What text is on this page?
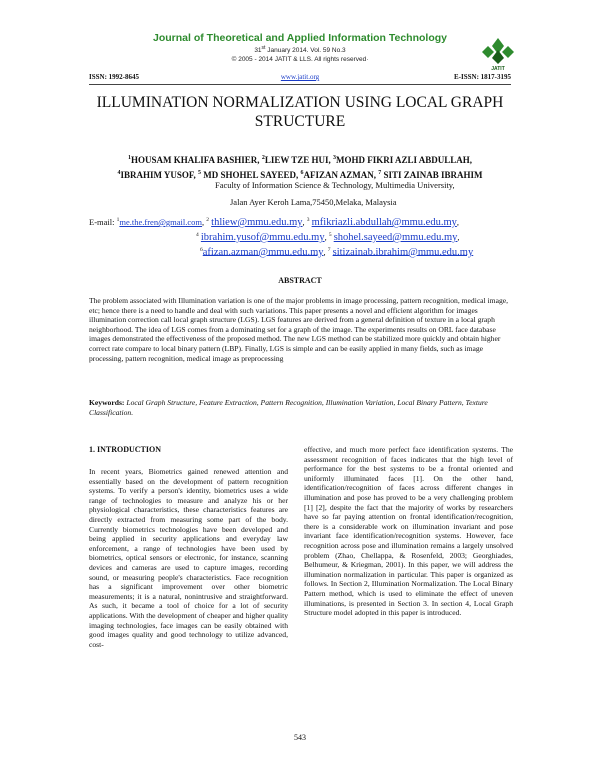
Journal of Theoretical and Applied Information Technology
31st January 2014. Vol. 59 No.3
© 2005 - 2014 JATIT & LLS. All rights reserved·
JATIT
ISSN: 1992-8645	www.jatit.org	E-ISSN: 1817-3195
ILLUMINATION NORMALIZATION USING LOCAL GRAPH STRUCTURE
$^1$HOUSAM KHALIFA BASHIER, $^2$LIEW TZE HUI, $^3$MOHD FIKRI AZLI ABDULLAH,
$^4$IBRAHIM YUSOF, $^5$ MD SHOHEL SAYEED, $^6$AFIZAN AZMAN, $^7$ SITI ZAINAB IBRAHIM
Faculty of Information Science & Technology, Multimedia University,
Jalan Ayer Keroh Lama,75450,Melaka, Malaysia
E-mail: $^1$me.the.fren@gmail.com, $^2$ thliew@mmu.edu.my, $^3$ mfikriazli.abdullah@mmu.edu.my,
$^4$ ibrahim.yusof@mmu.edu.my, $^5$ shohel.sayeed@mmu.edu.my,
$^6$afizan.azman@mmu.edu.my, $^7$ sitizainab.ibrahim@mmu.edu.my
ABSTRACT

The problem associated with Illumination variation is one of the major problems in image processing, pattern recognition, medical image, etc; hence there is a need to handle and deal with such variations. This paper presents a novel and efficient algorithm for images illumination correction call local graph structure (LGS). LGS features are derived from a general definition of texture in a local graph neighborhood. The idea of LGS comes from a dominating set for a graph of the image. The experiments results on ORL face database images demonstrated the effectiveness of the proposed method. The new LGS method can be stabilized more quickly and obtain higher correct rate compare to local binary pattern (LBP). Finally, LGS is simple and can be easily applied in many fields, such as image processing, pattern recognition, medical image as preprocessing

Keywords: Local Graph Structure, Feature Extraction, Pattern Recognition, Illumination Variation, Local Binary Pattern, Texture Classification.

1. INTRODUCTION

In recent years, Biometrics gained renewed attention and essentially based on the development of pattern recognition systems. To verify a person's identity, biometrics uses a wide range of technologies to measure and analyze his or her physiological characteristics, these characteristics features are directly extracted from measuring some part of the body. Currently biometrics technologies have been developed and being applied in security applications and everyday law enforcement, a range of technologies have been used by biometrics, optical sensors or electronic, for instance, scanning devices and cameras are used to capture images, recording sound, or measuring people's characteristics. Face recognition has a significant improvement over other biometric measurements; it is a natural, nonintrusive and straightforward. As such, it became a tool of choice for a lot of security applications. With the development of cheaper and higher quality imaging technologies, face images can be easily obtained with good images quality and good technology to utilize advanced, cost-

effective, and much more perfect face identification systems. The assessment recognition of faces indicates that the high level of performance for the best systems to be a frontal oriented and uniformly illuminated faces [1]. On the other hand, identification/recognition of faces across different changes in illumination and pose has proved to be a very challenging problem [1] [2], despite the fact that the majority of works by researchers have so far paying attention on frontal identification/recognition, there is a considerable work on illumination invariant and pose invariant face identification/recognition systems. However, face recognition across pose and illumination remains a largely unsolved problem (Zhao, Chellappa, & Rosenfeld, 2003; Georghiades, Belhumeur, & Kriegman, 2001). In this paper, we will address the illumination normalization in particular. This paper is organized as follows. In Section 2, Illumination Normalization. The Local Binary Pattern method, which is used to eliminate the effect of uneven illuminations, is presented in Section 3. In section 4, Local Graph Structure model adopted in this paper is introduced.

543
